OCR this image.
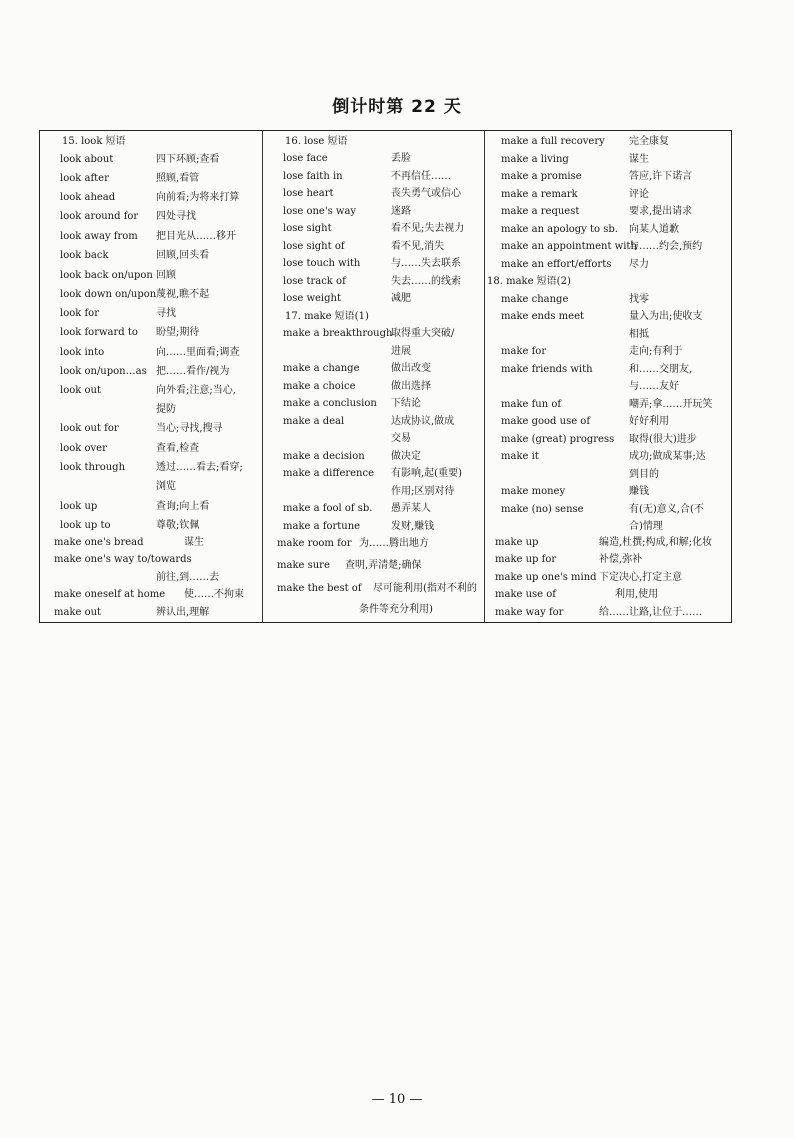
倒计时第 22 天
15. look 短语
look about	四下环顾;查看
look after	照顾,看管
look ahead	向前看;为将来打算
look around for 四处寻找
look away from 把目光从……移开
look back	回顾,回头看
look back on/upon 回顾
look down on/upon 蔑视,瞧不起
look for	寻找
look forward to 盼望;期待
look into	向……里面看;调查
look on/upon…as 把……看作/视为
look out	向外看;注意;当心,
提防
look out for	当心;寻找,搜寻
look over	查看,检查
look through	透过……看去;看穿;
浏览
look up	查询;向上看
look up to	尊敬;钦佩
make one's bread	谋生
make one's way to/towards
前往,到……去
make oneself at home 使……不拘束
make out	辨认出,理解
16. lose 短语
lose face	丢脸
lose faith in	不再信任……
lose heart	丧失勇气或信心
lose one's way	迷路
lose sight	看不见;失去视力
lose sight of	看不见,消失
lose touch with	与……失去联系
lose track of	失去……的线索
lose weight	减肥
17. make 短语(1)
make a breakthrough
取得重大突破/
进展
make a change	做出改变
make a choice	做出选择
make a conclusion 下结论
make a deal	达成协议,做成
交易
make a decision	做决定
make a difference 有影响,起(重要)
作用;区别对待
make a fool of sb. 愚弄某人
make a fortune	发财,赚钱
make room for 为……腾出地方
make sure 查明,弄清楚;确保
make the best of 尽可能利用(指对不利的
条件等充分利用)
make a full recovery 完全康复
make a living	谋生
make a promise	答应,许下诺言
make a remark	评论
make a request	要求,提出请求
make an apology to sb. 向某人道歉
make an appointment with
与……约会,预约
make an effort/efforts 尽力
18. make 短语(2)
make change	找零
make ends meet	量入为出;使收支
相抵
make for	走向;有利于
make friends with	和……交朋友,
与……友好
make fun of	嘲弄;拿……开玩笑
make good use of	好好利用
make (great) progress 取得(很大)进步
make it	成功;做成某事;达
到目的
make money	赚钱
make (no) sense	有(无)意义,合(不
合)情理
make up	编造,杜撰;构成,和解;化妆
make up for	补偿,弥补
make up one's mind 下定决心,打定主意
make use of	利用,使用
make way for	给……让路,让位于……
— 10 —
